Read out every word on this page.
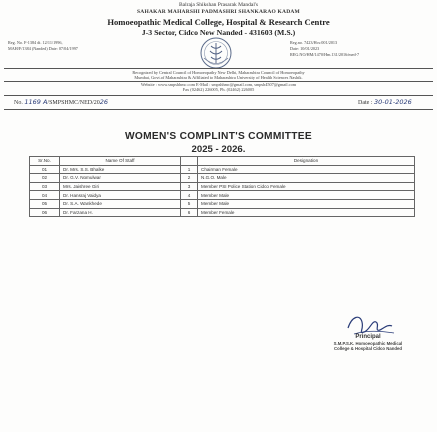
Balraja Shikshan Prasarak Mandal's
SAHAKAR MAHARSHI PADMASHRI SHANKARAO KADAM
Homoeopathic Medical College, Hospital & Research Centre
J-3 Sector, Cidco New Nanded - 431603 (M.S.)
Reg. No. F-1384 dt. 12/11/1996,
MAH/F/1384 (Nanded) Date: 07/04/1997
Reg.no. 7423/Hcs:001/2013
Date: 10/01/2023
REG.NO/HM/1470/Hm.131/2016/med-7
Recognized by Central Council of Homoeopathy New Delhi, Maharashtra Council of Homoeopathy
Mumbai, Govt.of Maharashtra & Affiliated to Maharashtra University of Health Sciences Nashik.
Website : www.smpshhmc.com E-Mail : smpshhmc@gmail.com, smpsh4507@gmail.com
Fax (02462) 226005, Ph. (02462) 226005
No. 1169 A/SMPSHMC/NED/2026	Date : 30-01-2026
WOMEN'S COMPLINT'S COMMITTEE
2025 - 2026.
Sr.No.	Name Of Staff		Designation
01	Dr. Mrs. S.S. Bhalke	1	Chairman Female
02	Dr. G.V. Nomulwar	2	N.G.O. Male
03	Mrs. Jaishree Giri	3	Member PSI Police Station Cidco Female
04	Dr. Hansraj Vaidya	4	Member Male
05	Dr. S.A. Wankhede	5	Member Male
06	Dr. Farzana H.	6	Member Female
Principal
S.M.P.S.K. Homoeopathic Medical
College & Hospital Cidco Nanded
